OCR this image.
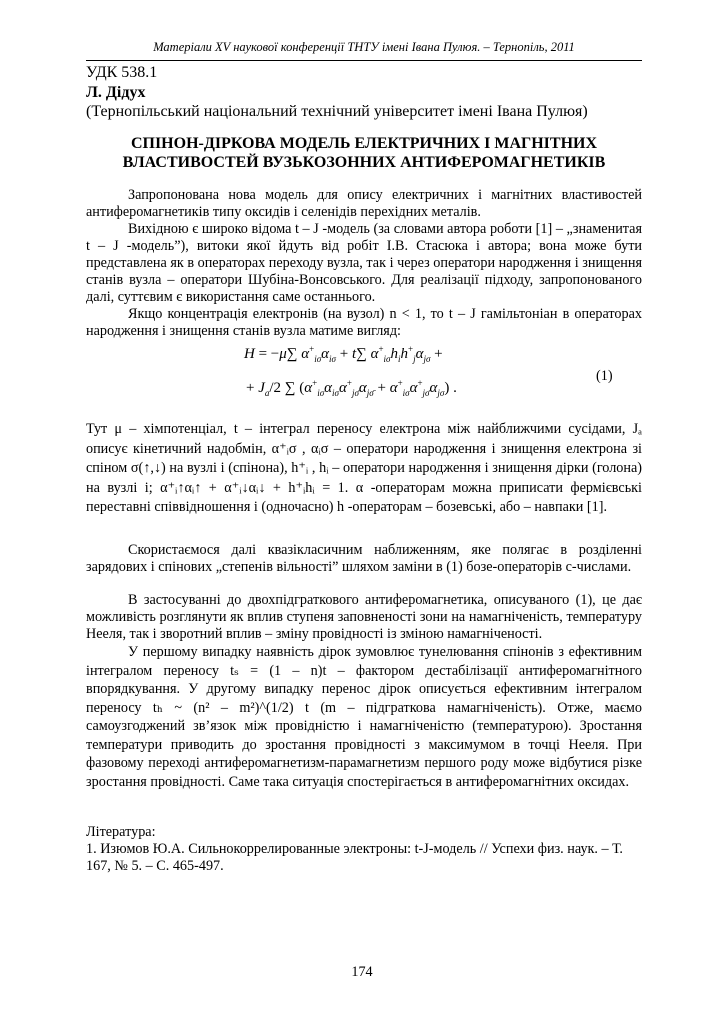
Матеріали XV наукової конференції ТНТУ імені Івана Пулюя. – Тернопіль, 2011
УДК 538.1
Л. Дідух
(Тернопільський національний технічний університет імені Івана Пулюя)
СПІНОН-ДІРКОВА МОДЕЛЬ ЕЛЕКТРИЧНИХ І МАГНІТНИХ
ВЛАСТИВОСТЕЙ ВУЗЬКОЗОННИХ АНТИФЕРОМАГНЕТИКІВ
Запропонована нова модель для опису електричних і магнітних властивостей антиферомагнетиків типу оксидів і селенідів перехідних металів.
Вихідною є широко відома t – J -модель (за словами автора роботи [1] – „знаменитая t – J -модель”), витоки якої йдуть від робіт І.В. Стасюка і автора; вона може бути представлена як в операторах переходу вузла, так і через оператори народження і знищення станів вузла – оператори Шубіна-Вонсовського. Для реалізації підходу, запропонованого далі, суттєвим є використання саме останнього.
Якщо концентрація електронів (на вузол) n < 1, то t – J гамільтоніан в операторах народження і знищення станів вузла матиме вигляд:
H = −μ∑ $\alpha^+_{i\sigma}\alpha_{i\sigma} + t\sum$ $\alpha^+_{i\sigma}h_ih^+_j\alpha_{j\sigma}$ +
+ $J_a/2$ ∑ $(\alpha^+_{i\sigma}\alpha_{i\sigma}\alpha^+_{j\sigmā}\alpha_{j\sigmā} + \alpha^+_{i\sigma}\alpha^+_{j\sigmā}\alpha_{j\sigma})$ .
(1)
Тут μ – хімпотенціал, t – інтеграл переносу електрона між найближчими сусідами, Jₐ описує кінетичний надобмін, α⁺ᵢσ , αᵢσ – оператори народження і знищення електрона зі спіном σ(↑,↓) на вузлі i (спінона), h⁺ᵢ , hᵢ – оператори народження і знищення дірки (голона) на вузлі i; α⁺ᵢ↑αᵢ↑ + α⁺ᵢ↓αᵢ↓ + h⁺ᵢhᵢ = 1. α -операторам можна приписати фермієвські переставні співвідношення і (одночасно) h -операторам – бозевські, або – навпаки [1].
Скористаємося далі квазікласичним наближенням, яке полягає в розділенні зарядових і спінових „степенів вільності” шляхом заміни в (1) бозе-операторів c-числами.
В застосуванні до двохпідграткового антиферомагнетика, описуваного (1), це дає можливість розглянути як вплив ступеня заповненості зони на намагніченість, температуру Нееля, так і зворотний вплив – зміну провідності із зміною намагніченості.
У першому випадку наявність дірок зумовлює тунелювання спінонів з ефективним інтегралом переносу tₛ = (1 – n)t – фактором дестабілізації антиферомагнітного впорядкування. У другому випадку перенос дірок описується ефективним інтегралом переносу tₕ ~ (n² – m²)^(1/2) t (m – підграткова намагніченість). Отже, маємо самоузгоджений зв’язок між провідністю і намагніченістю (температурою). Зростання температури приводить до зростання провідності з максимумом в точці Нееля. При фазовому переході антиферомагнетизм-парамагнетизм першого роду може відбутися різке зростання провідності. Саме така ситуація спостерігається в антиферомагнітних оксидах.
Література:
1. Изюмов Ю.А. Сильнокоррелированные электроны: t-J-модель // Успехи физ. наук. – Т. 167, № 5. – С. 465-497.
174
